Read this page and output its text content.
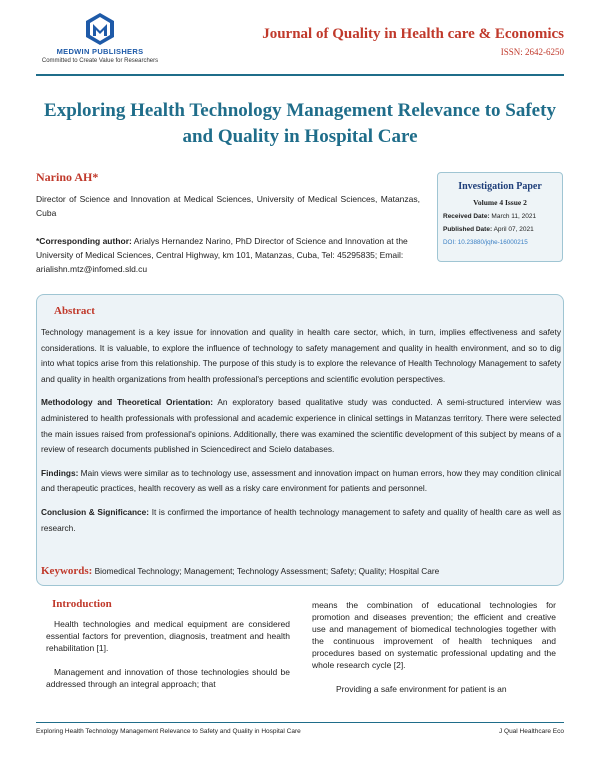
MEDWIN PUBLISHERS
Committed to Create Value for Researchers
Journal of Quality in Health care & Economics
ISSN: 2642-6250
Exploring Health Technology Management Relevance to Safety and Quality in Hospital Care
Narino AH*
Director of Science and Innovation at Medical Sciences, University of Medical Sciences, Matanzas, Cuba
*Corresponding author: Arialys Hernandez Narino, PhD Director of Science and Innovation at the University of Medical Sciences, Central Highway, km 101, Matanzas, Cuba, Tel: 45295835; Email: arialishn.mtz@infomed.sld.cu
Investigation Paper
Volume 4 Issue 2
Received Date: March 11, 2021
Published Date: April 07, 2021
DOI: 10.23880/jqhe-16000215
Abstract

Technology management is a key issue for innovation and quality in health care sector, which, in turn, implies effectiveness and safety considerations. It is valuable, to explore the influence of technology to safety management and quality in health environment, and so to dig into what topics arise from this relationship. The purpose of this study is to explore the relevance of Health Technology Management to safety and quality in health organizations from health professional's perceptions and scientific evolution perspectives.

Methodology and Theoretical Orientation: An exploratory based qualitative study was conducted. A semi-structured interview was administered to health professionals with professional and academic experience in clinical settings in Matanzas territory. There were selected the main issues raised from professional's opinions. Additionally, there was examined the scientific development of this subject by means of a review of research documents published in Sciencedirect and Scielo databases.

Findings: Main views were similar as to technology use, assessment and innovation impact on human errors, how they may condition clinical and therapeutic practices, health recovery as well as a risky care environment for patients and personnel.

Conclusion & Significance: It is confirmed the importance of health technology management to safety and quality of health care as well as research.

Keywords: Biomedical Technology; Management; Technology Assessment; Safety; Quality; Hospital Care
Introduction

Health technologies and medical equipment are considered essential factors for prevention, diagnosis, treatment and health rehabilitation [1].

Management and innovation of those technologies should be addressed through an integral approach; that

means the combination of educational technologies for promotion and diseases prevention; the efficient and creative use and management of biomedical technologies together with the continuous improvement of health techniques and procedures based on systematic professional updating and the whole research cycle [2].

Providing a safe environment for patient is an

Exploring Health Technology Management Relevance to Safety and Quality in Hospital Care	J Qual Healthcare Eco
